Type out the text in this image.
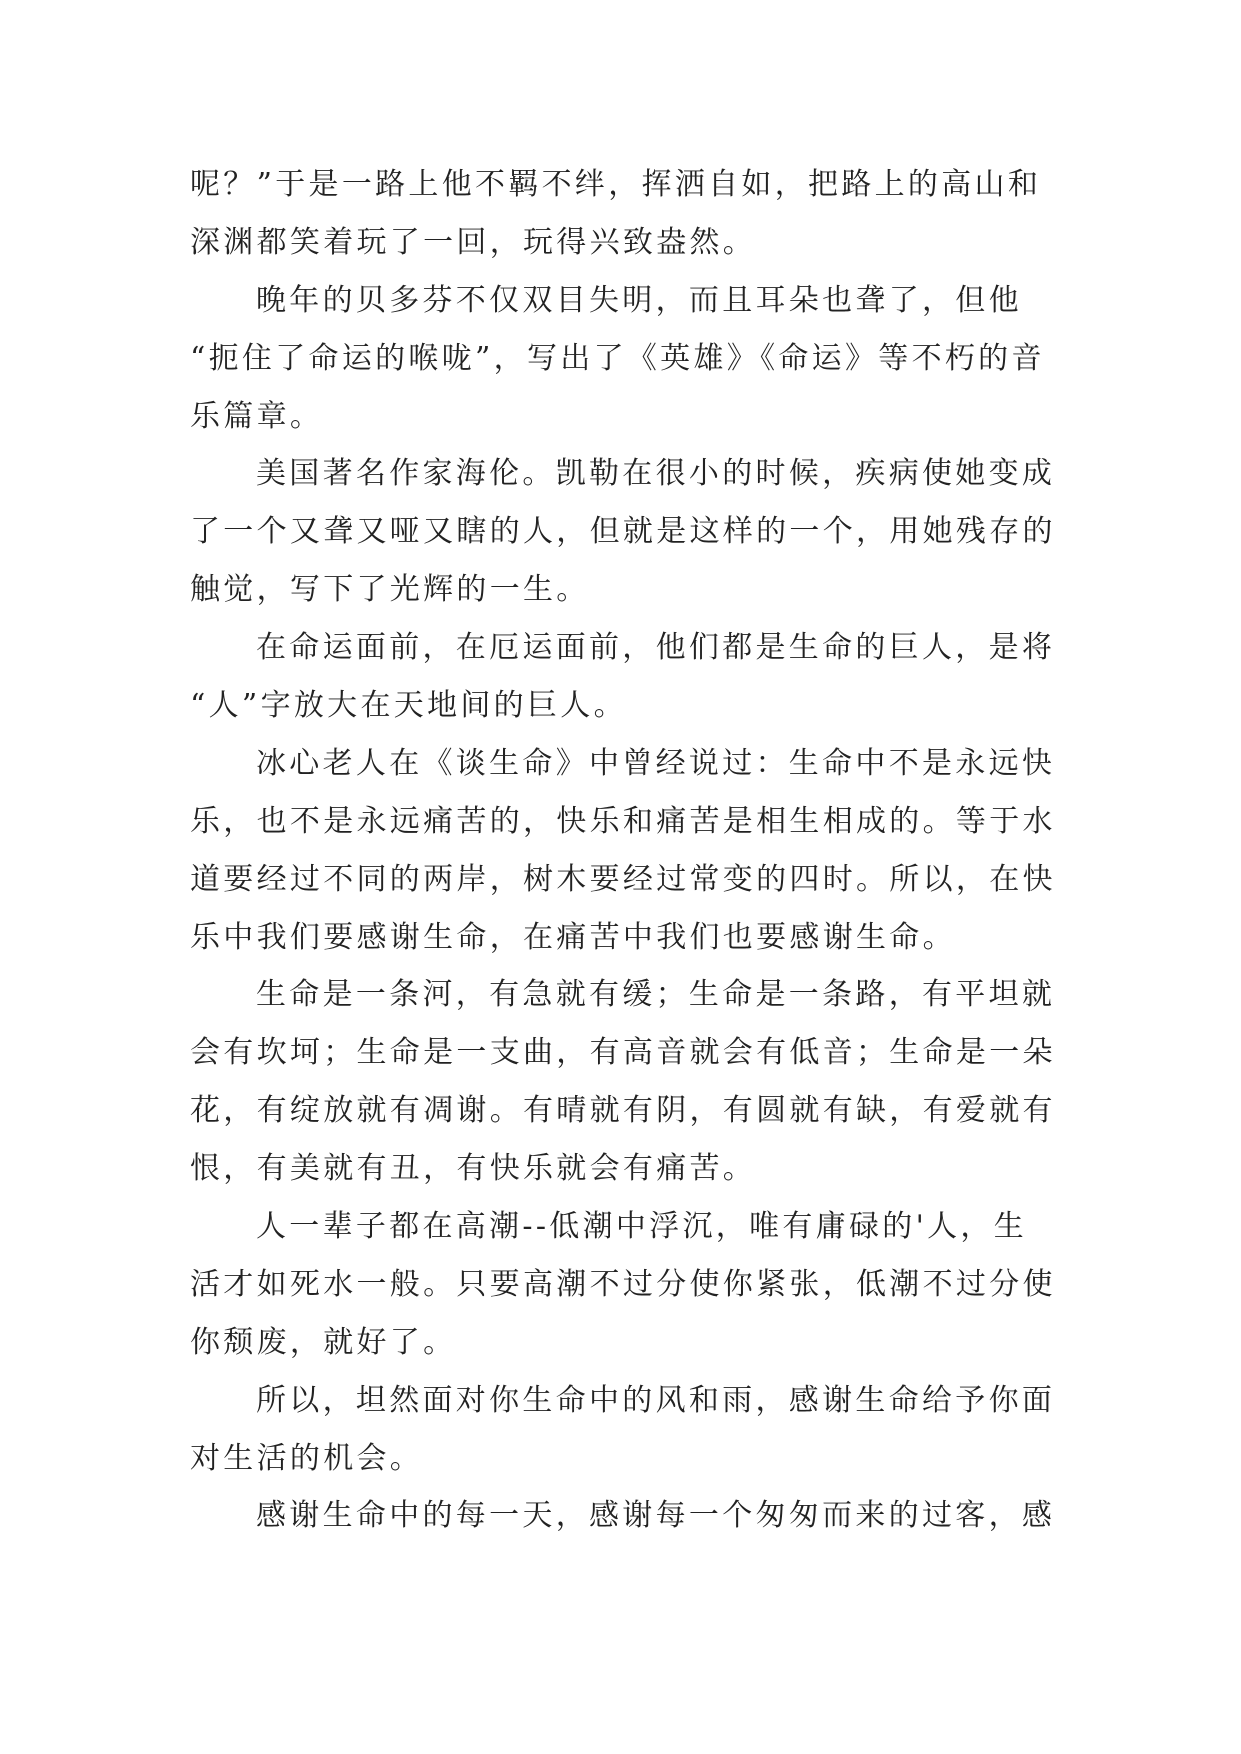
呢？”于是一路上他不羁不绊，挥洒自如，把路上的高山和
深渊都笑着玩了一回，玩得兴致盎然。

晚年的贝多芬不仅双目失明，而且耳朵也聋了，但他
“扼住了命运的喉咙”，写出了《英雄》《命运》等不朽的音
乐篇章。

美国著名作家海伦。凯勒在很小的时候，疾病使她变成
了一个又聋又哑又瞎的人，但就是这样的一个，用她残存的
触觉，写下了光辉的一生。

在命运面前，在厄运面前，他们都是生命的巨人，是将
“人”字放大在天地间的巨人。

冰心老人在《谈生命》中曾经说过：生命中不是永远快
乐，也不是永远痛苦的，快乐和痛苦是相生相成的。等于水
道要经过不同的两岸，树木要经过常变的四时。所以，在快
乐中我们要感谢生命，在痛苦中我们也要感谢生命。

生命是一条河，有急就有缓；生命是一条路，有平坦就
会有坎坷；生命是一支曲，有高音就会有低音；生命是一朵
花，有绽放就有凋谢。有晴就有阴，有圆就有缺，有爱就有
恨，有美就有丑，有快乐就会有痛苦。

人一辈子都在高潮--低潮中浮沉，唯有庸碌的'人，生
活才如死水一般。只要高潮不过分使你紧张，低潮不过分使
你颓废，就好了。

所以，坦然面对你生命中的风和雨，感谢生命给予你面
对生活的机会。

感谢生命中的每一天，感谢每一个匆匆而来的过客，感
